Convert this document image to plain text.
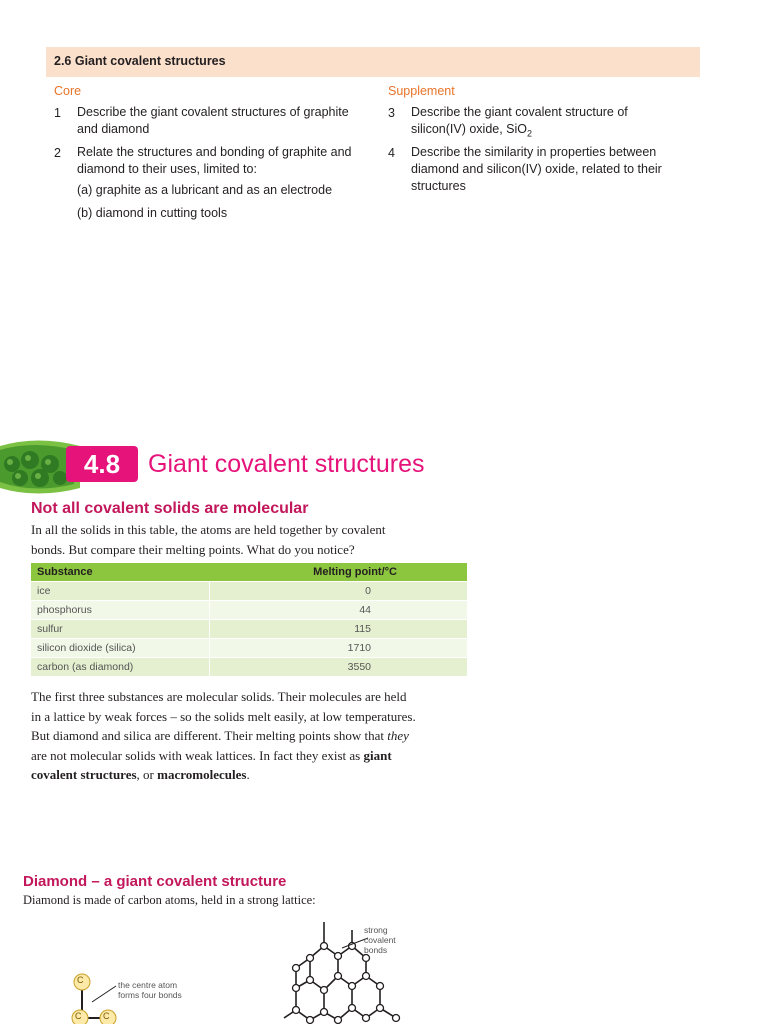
2.6 Giant covalent structures
Core	Supplement
1 Describe the giant covalent structures of graphite
and diamond
2 Relate the structures and bonding of graphite and
diamond to their uses, limited to:
(a) graphite as a lubricant and as an electrode
(b) diamond in cutting tools
3 Describe the giant covalent structure of
silicon(IV) oxide, SiO$_2$
4 Describe the similarity in properties between
diamond and silicon(IV) oxide, related to their
structures
4.8	Giant covalent structures
Not all covalent solids are molecular
In all the solids in this table, the atoms are held together by covalent
bonds. But compare their melting points. What do you notice?
Substance	Melting point/°C
ice	0
phosphorus	44
sulfur	115
silicon dioxide (silica)	1710
carbon (as diamond)	3550
The first three substances are molecular solids. Their molecules are held
in a lattice by weak forces – so the solids melt easily, at low temperatures.
But diamond and silica are different. Their melting points show that they
are not molecular solids with weak lattices. In fact they exist as giant
covalent structures, or macromolecules.
Diamond – a giant covalent structure
Diamond is made of carbon atoms, held in a strong lattice:
C
C C
the centre atom
forms four bonds
strong
covalent
bonds
